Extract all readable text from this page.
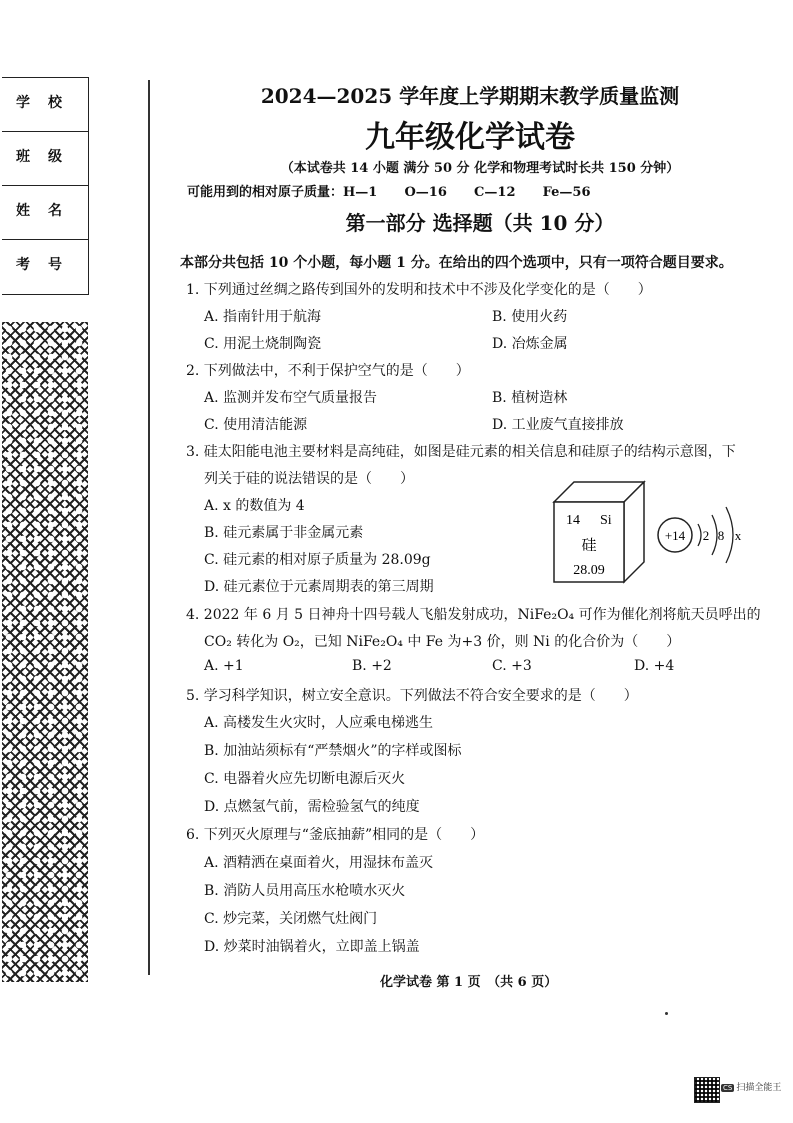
学　校
班　级
姓　名
考　号
2024—2025 学年度上学期期末教学质量监测
九年级化学试卷
（本试卷共 14 小题 满分 50 分 化学和物理考试时长共 150 分钟）
可能用到的相对原子质量：H—1      O—16      C—12      Fe—56
第一部分 选择题（共 10 分）
本部分共包括 10 个小题，每小题 1 分。在给出的四个选项中，只有一项符合题目要求。
1. 下列通过丝绸之路传到国外的发明和技术中不涉及化学变化的是（　　）
A. 指南针用于航海	B. 使用火药
C. 用泥土烧制陶瓷	D. 冶炼金属
2. 下列做法中，不利于保护空气的是（　　）
A. 监测并发布空气质量报告	B. 植树造林
C. 使用清洁能源	D. 工业废气直接排放
3. 硅太阳能电池主要材料是高纯硅，如图是硅元素的相关信息和硅原子的结构示意图，下
列关于硅的说法错误的是（　　）
A. x 的数值为 4
B. 硅元素属于非金属元素
C. 硅元素的相对原子质量为 28.09g
D. 硅元素位于元素周期表的第三周期
14 Si
硅
28.09
+14 2 8 x
4. 2022 年 6 月 5 日神舟十四号载人飞船发射成功，NiFe₂O₄ 可作为催化剂将航天员呼出的
CO₂ 转化为 O₂，已知 NiFe₂O₄ 中 Fe 为+3 价，则 Ni 的化合价为（　　）
A. +1	B. +2	C. +3	D. +4
5. 学习科学知识，树立安全意识。下列做法不符合安全要求的是（　　）
A. 高楼发生火灾时，人应乘电梯逃生
B. 加油站须标有“严禁烟火”的字样或图标
C. 电器着火应先切断电源后灭火
D. 点燃氢气前，需检验氢气的纯度
6. 下列灭火原理与“釜底抽薪”相同的是（　　）
A. 酒精洒在桌面着火，用湿抹布盖灭
B. 消防人员用高压水枪喷水灭火
C. 炒完菜，关闭燃气灶阀门
D. 炒菜时油锅着火，立即盖上锅盖
化学试卷 第 1 页　（共 6 页）
CS 扫描全能王
